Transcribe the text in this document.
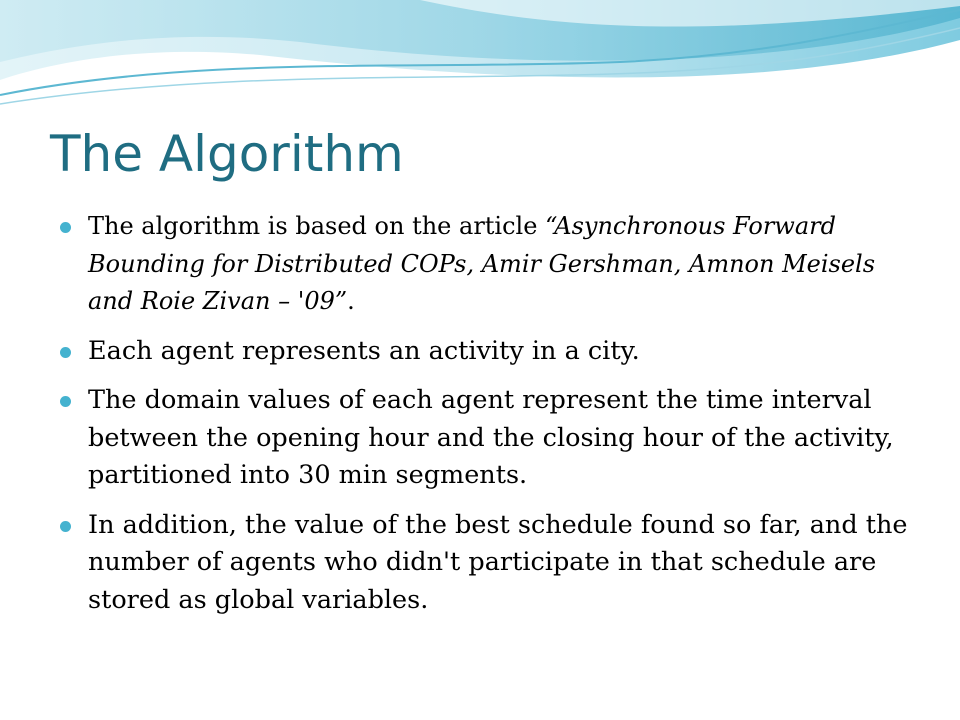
The Algorithm
The algorithm is based on the article “Asynchronous Forward Bounding for Distributed COPs, Amir Gershman, Amnon Meisels and Roie Zivan – '09”.
Each agent represents an activity in a city.
The domain values of each agent represent the time interval between the opening hour and the closing hour of the activity, partitioned into 30 min segments.
In addition, the value of the best schedule found so far, and the number of agents who didn't participate in that schedule are stored as global variables.
